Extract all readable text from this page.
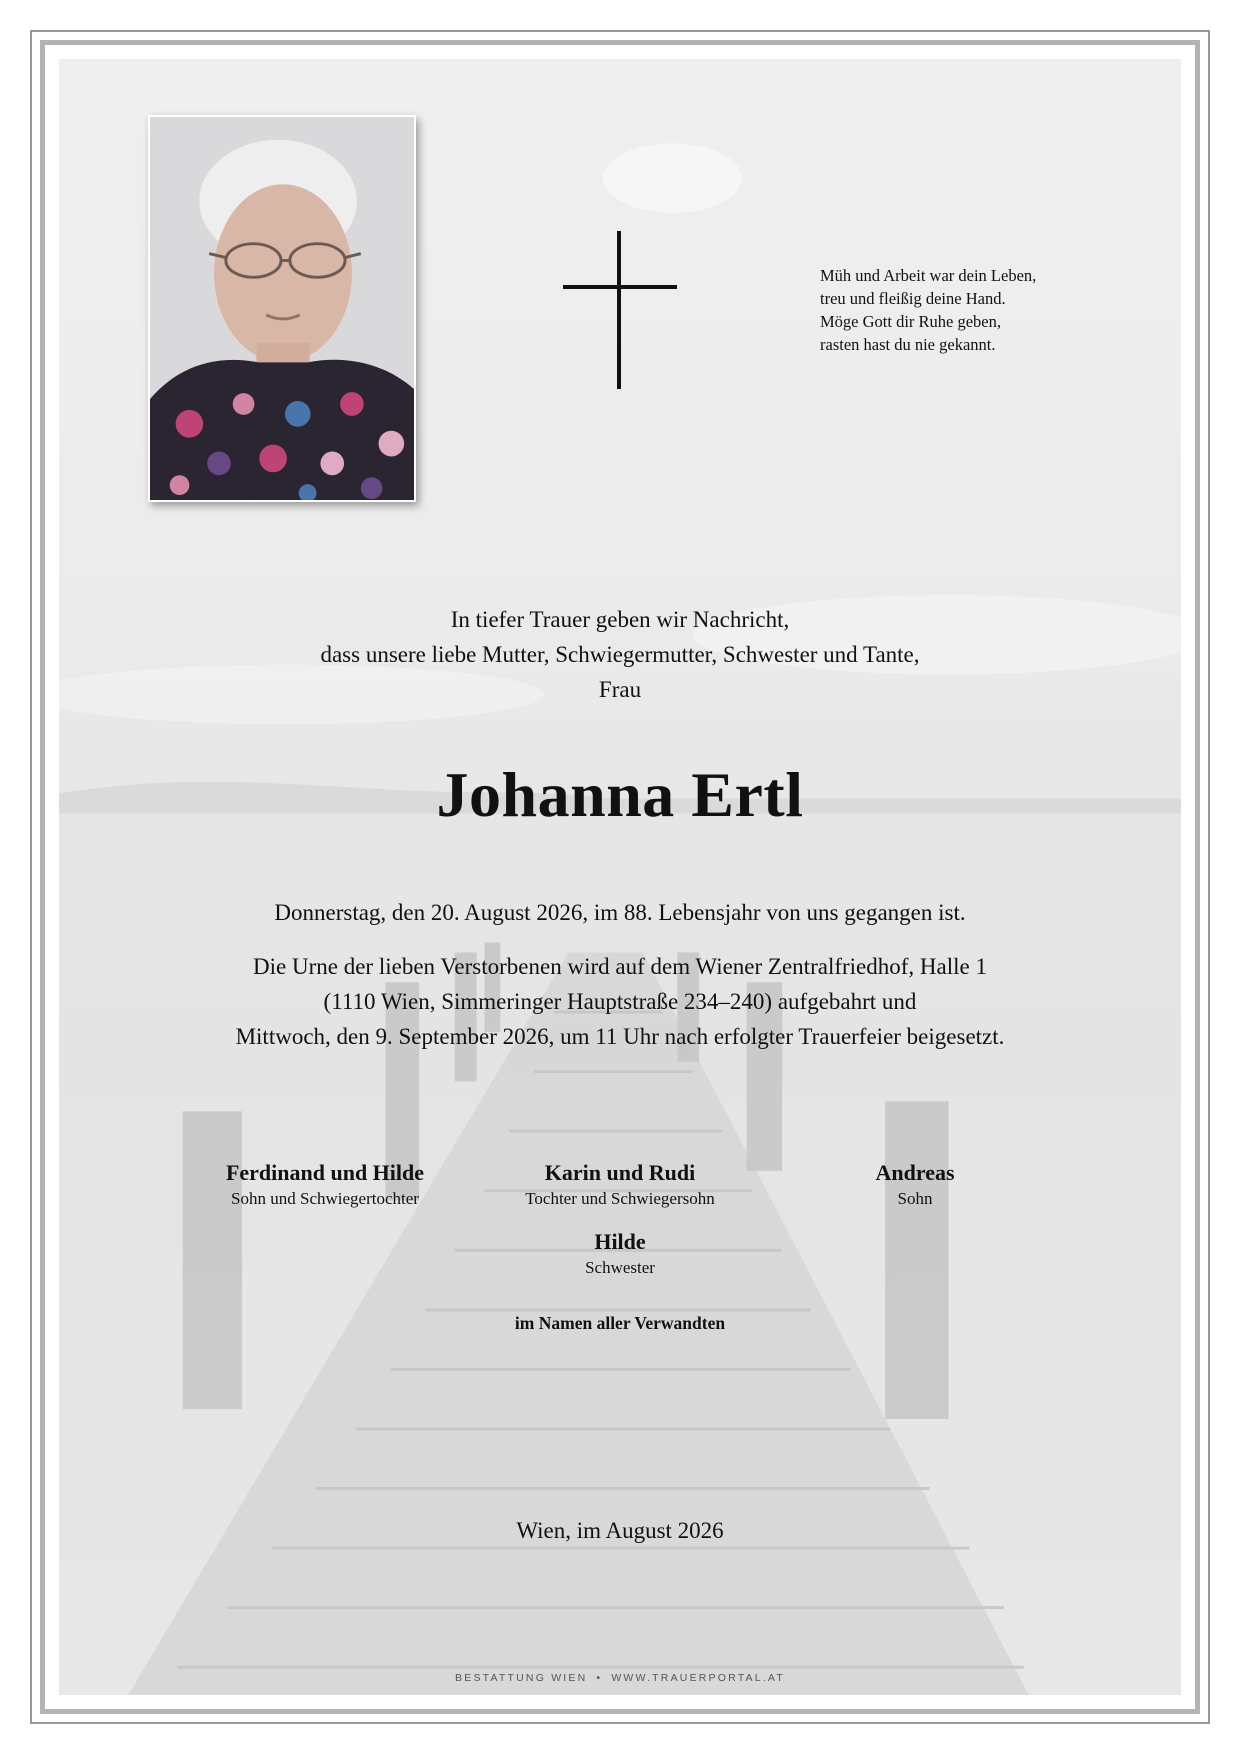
Müh und Arbeit war dein Leben,
treu und fleißig deine Hand.
Möge Gott dir Ruhe geben,
rasten hast du nie gekannt.
In tiefer Trauer geben wir Nachricht,
dass unsere liebe Mutter, Schwiegermutter, Schwester und Tante,
Frau
Johanna Ertl
Donnerstag, den 20. August 2026, im 88. Lebensjahr von uns gegangen ist.
Die Urne der lieben Verstorbenen wird auf dem Wiener Zentralfriedhof, Halle 1
(1110 Wien, Simmeringer Hauptstraße 234–240) aufgebahrt und
Mittwoch, den 9. September 2026, um 11 Uhr nach erfolgter Trauerfeier beigesetzt.
Ferdinand und Hilde
Sohn und Schwiegertochter
Karin und Rudi
Tochter und Schwiegersohn
Andreas
Sohn
Hilde
Schwester
im Namen aller Verwandten
Wien, im August 2026
BESTATTUNG WIEN • WWW.TRAUERPORTAL.AT
